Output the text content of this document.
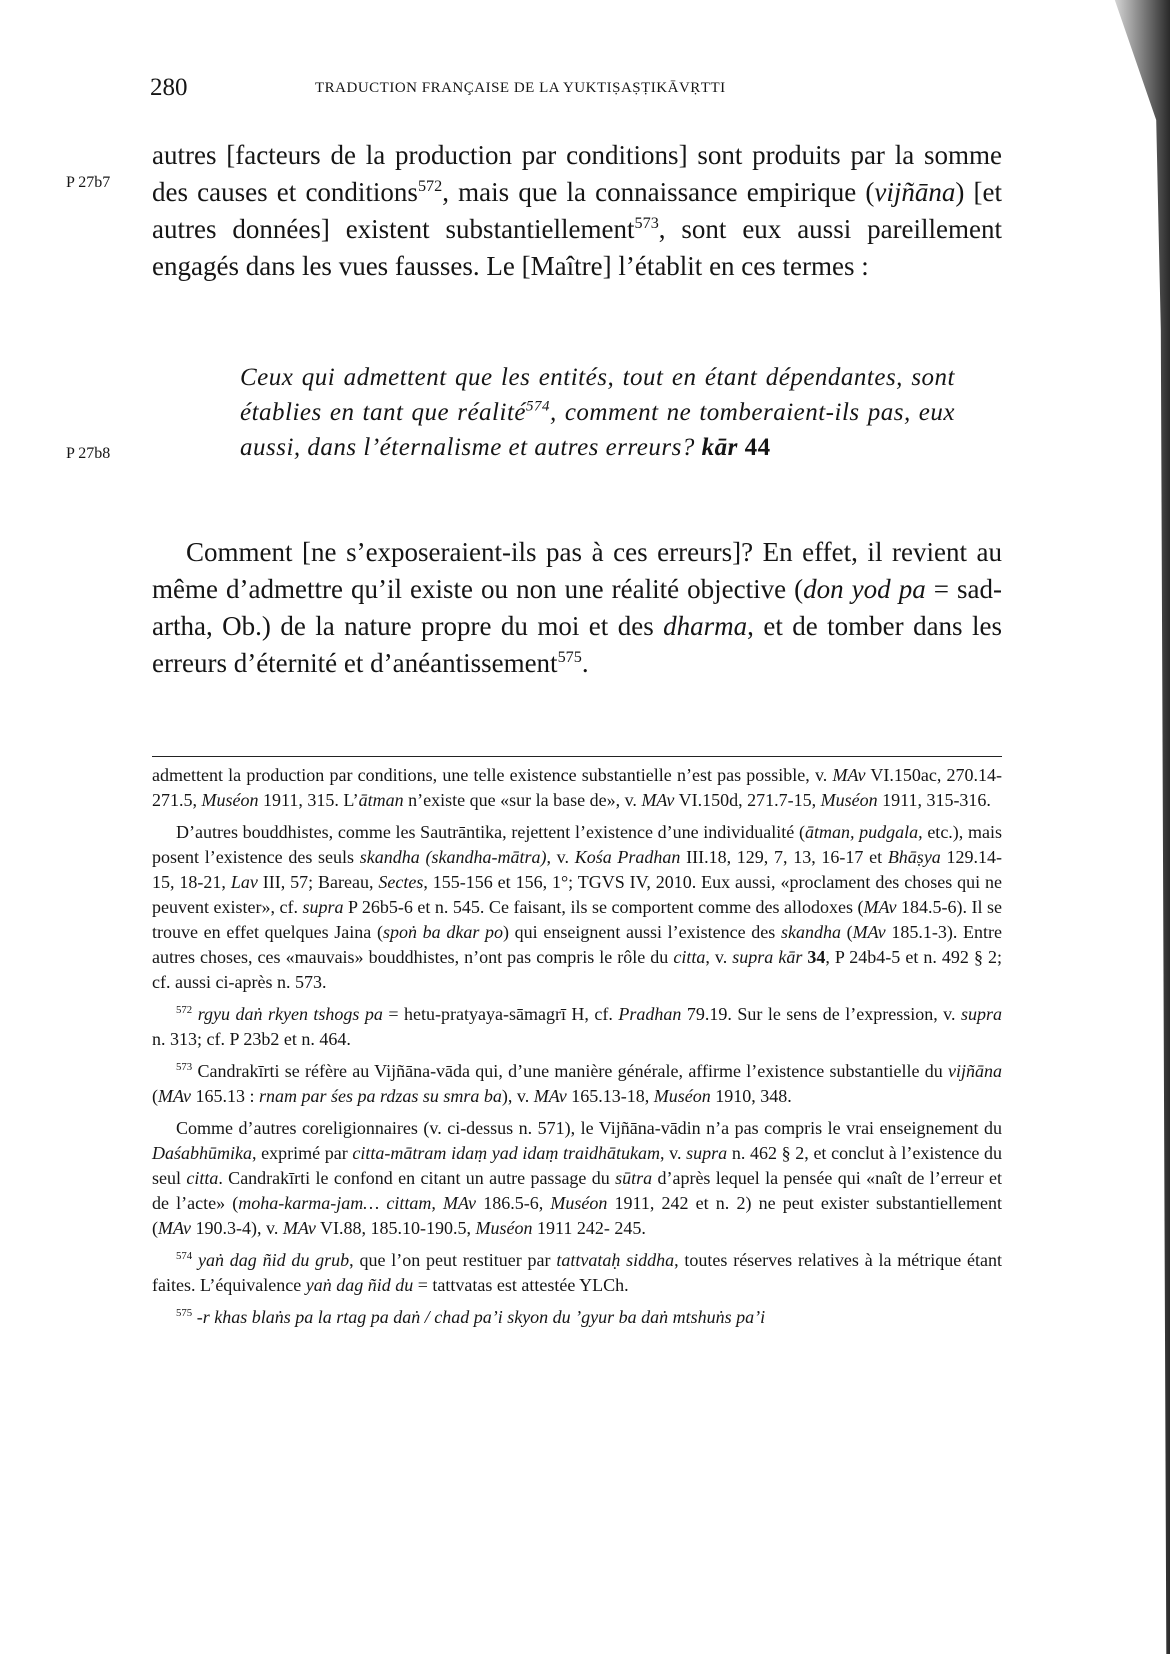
280	TRADUCTION FRANÇAISE DE LA YUKTIṢAṢṬIKĀVṚTTI
P 27b7
P 27b8

autres [facteurs de la production par conditions] sont produits par la somme des causes et conditions$^{572}$, mais que la connaissance empirique (vijñāna) [et autres données] existent substantiellement$^{573}$, sont eux aussi pareillement engagés dans les vues fausses. Le [Maître] l’établit en ces termes :

Ceux qui admettent que les entités, tout en étant dépendantes, sont établies en tant que réalité$^{574}$, comment ne tomberaient-ils pas, eux aussi, dans l’éternalisme et autres erreurs? kār 44

Comment [ne s’exposeraient-ils pas à ces erreurs]? En effet, il revient au même d’admettre qu’il existe ou non une réalité objective (don yod pa = sad-artha, Ob.) de la nature propre du moi et des dharma, et de tomber dans les erreurs d’éternité et d’anéantissement$^{575}$.

admettent la production par conditions, une telle existence substantielle n’est pas possible, v. MAv VI.150ac, 270.14-271.5, Muséon 1911, 315. L’ātman n’existe que «sur la base de», v. MAv VI.150d, 271.7-15, Muséon 1911, 315-316.

D’autres bouddhistes, comme les Sautrāntika, rejettent l’existence d’une individualité (ātman, pudgala, etc.), mais posent l’existence des seuls skandha (skandha-mātra), v. Kośa Pradhan III.18, 129, 7, 13, 16-17 et Bhāṣya 129.14-15, 18-21, Lav III, 57; Bareau, Sectes, 155-156 et 156, 1°; TGVS IV, 2010. Eux aussi, «proclament des choses qui ne peuvent exister», cf. supra P 26b5-6 et n. 545. Ce faisant, ils se comportent comme des allodoxes (MAv 184.5-6). Il se trouve en effet quelques Jaina (spoṅ ba dkar po) qui enseignent aussi l’existence des skandha (MAv 185.1-3). Entre autres choses, ces «mauvais» bouddhistes, n’ont pas compris le rôle du citta, v. supra kār 34, P 24b4-5 et n. 492 § 2; cf. aussi ci-après n. 573.

$^{572}$ rgyu daṅ rkyen tshogs pa = hetu-pratyaya-sāmagrī H, cf. Pradhan 79.19. Sur le sens de l’expression, v. supra n. 313; cf. P 23b2 et n. 464.

$^{573}$ Candrakīrti se réfère au Vijñāna-vāda qui, d’une manière générale, affirme l’existence substantielle du vijñāna (MAv 165.13 : rnam par śes pa rdzas su smra ba), v. MAv 165.13-18, Muséon 1910, 348.

Comme d’autres coreligionnaires (v. ci-dessus n. 571), le Vijñāna-vādin n’a pas compris le vrai enseignement du Daśabhūmika, exprimé par citta-mātram idaṃ yad idaṃ traidhātukam, v. supra n. 462 § 2, et conclut à l’existence du seul citta. Candrakīrti le confond en citant un autre passage du sūtra d’après lequel la pensée qui «naît de l’erreur et de l’acte» (moha-karma-jam… cittam, MAv 186.5-6, Muséon 1911, 242 et n. 2) ne peut exister substantiellement (MAv 190.3-4), v. MAv VI.88, 185.10-190.5, Muséon 1911 242- 245.

$^{574}$ yaṅ dag ñid du grub, que l’on peut restituer par tattvataḥ siddha, toutes réserves relatives à la métrique étant faites. L’équivalence yaṅ dag ñid du = tattvatas est attestée YLCh.

$^{575}$ -r khas blaṅs pa la rtag pa daṅ / chad pa’i skyon du ’gyur ba daṅ mtshuṅs pa’i
